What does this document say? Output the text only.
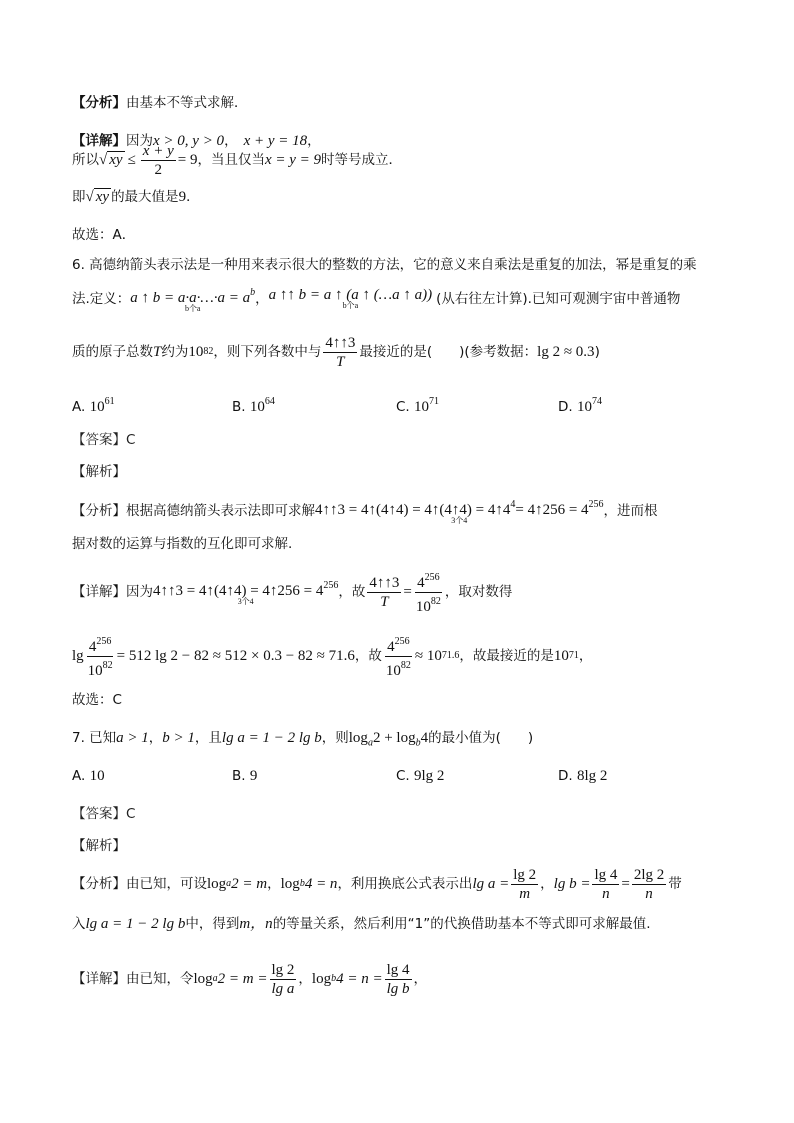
【分析】由基本不等式求解．
【详解】因为x > 0, y > 0， x + y = 18，
所以 √ xy ≤ $\frac{x + y}{2} = 9$ ，当且仅当 x = y = 9 时等号成立．
即√ xy 的最大值是9．
故选：A．
6. 高德纳箭头表示法是一种用来表示很大的整数的方法，它的意义来自乘法是重复的加法，幂是重复的乘
法.定义： a ↑ b = a·a·…·a = $a^b$
b个a
， a ↑↑ b = a ↑ (a ↑ (…a ↑ a))
b个a	(从右往左计算).已知可观测宇宙中普通物
质的原子总数 T 约为 10 82 ，则下列各数中与 $\frac{4↑↑3}{T}$ 最接近的是(　　)(参考数据： lg 2 ≈ 0.3 )
A. $10^{61}$	B. $10^{64}$	C. $10^{71}$	D. $10^{74}$
【答案】C
【解析】
【分析】 根据高德纳箭头表示法即可求解 4↑↑3 = 4↑(4↑4) = 4↑(4↑4) = $4↑4^4=$ 4↑256 = $4^{256}$
3个4
，进而根
据对数的运算与指数的互化即可求解.
【详解】 因为 4↑↑3 = 4↑(4↑4) = 4↑256 = $4^{256}$
3个4
，故 $\frac{4↑↑3}{T} = \frac{4^{256}}{10^{82}}$ ，取对数得
$\lg \frac{4^{256}}{10^{82}} = 512$ lg 2 − 82 ≈ 512 × 0.3 − 82 ≈ 71.6 ，故 $\frac{4^{256}}{10^{82}} \approx 10$ 71.6 ，故最接近的是 10 71 ，
故选：C
7. 已知a > 1，b > 1，且lg a = 1 − 2 lg b，则$\log_a2 + \log_b4$的最小值为(　　)
A. 10	B. 9	C. 9lg 2	D. 8lg 2
【答案】C
【解析】
【分析】 由已知，可设 log a 2 = m ， log b 4 = n ，利用换底公式表示出 $\lg a = \frac{\lg 2}{m}$ ， $\lg b = \frac{\lg 4}{n} = \frac{2\lg 2}{n}$ 带
入lg a = 1 − 2 lg b中，得到m，n的等量关系，然后利用“1”的代换借助基本不等式即可求解最值.
【详解】 由已知，令 log a $2 = m = \frac{\lg 2}{\text{lg a}}$ ， log b $4 = n = \frac{\lg 4}{\text{lg b}}$ ，
